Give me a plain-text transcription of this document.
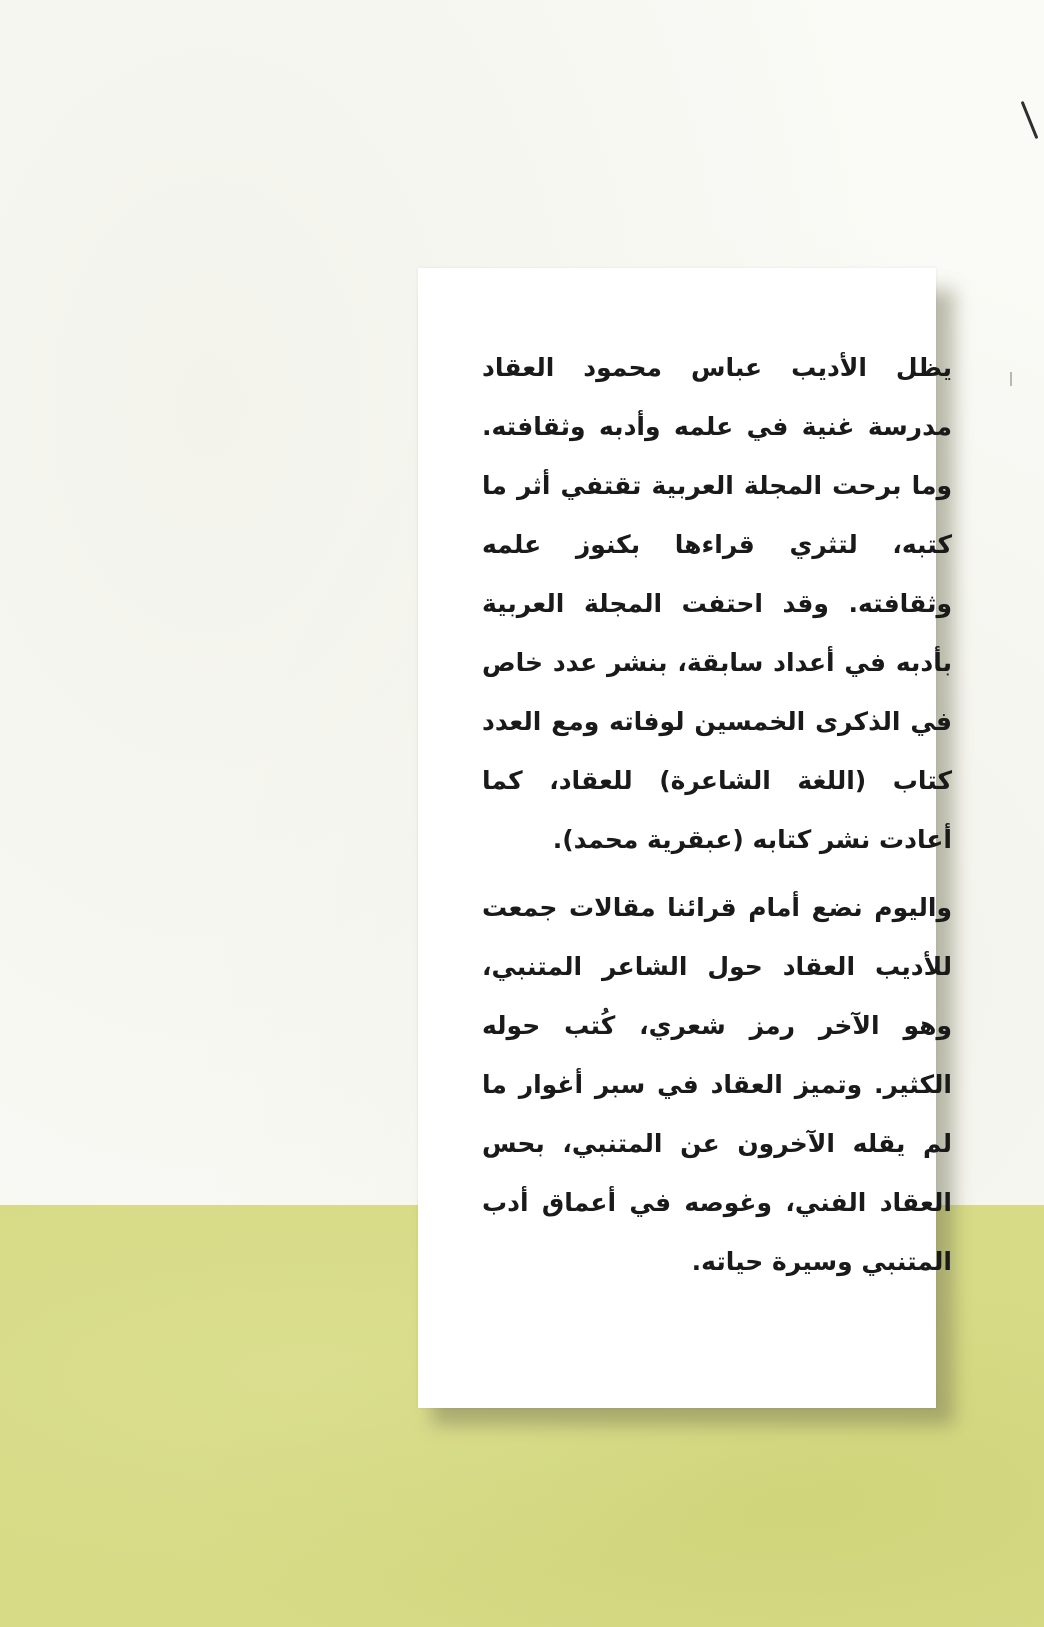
يظل الأديب عباس محمود العقاد مدرسة غنية في علمه وأدبه وثقافته. وما برحت المجلة العربية تقتفي أثر ما كتبه، لتثري قراءها بكنوز علمه وثقافته. وقد احتفت المجلة العربية بأدبه في أعداد سابقة، بنشر عدد خاص في الذكرى الخمسين لوفاته ومع العدد كتاب (اللغة الشاعرة) للعقاد، كما أعادت نشر كتابه (عبقرية محمد).

واليوم نضع أمام قرائنا مقالات جمعت للأديب العقاد حول الشاعر المتنبي، وهو الآخر رمز شعري، كُتب حوله الكثير. وتميز العقاد في سبر أغوار ما لم يقله الآخرون عن المتنبي، بحس العقاد الفني، وغوصه في أعماق أدب المتنبي وسيرة حياته.
